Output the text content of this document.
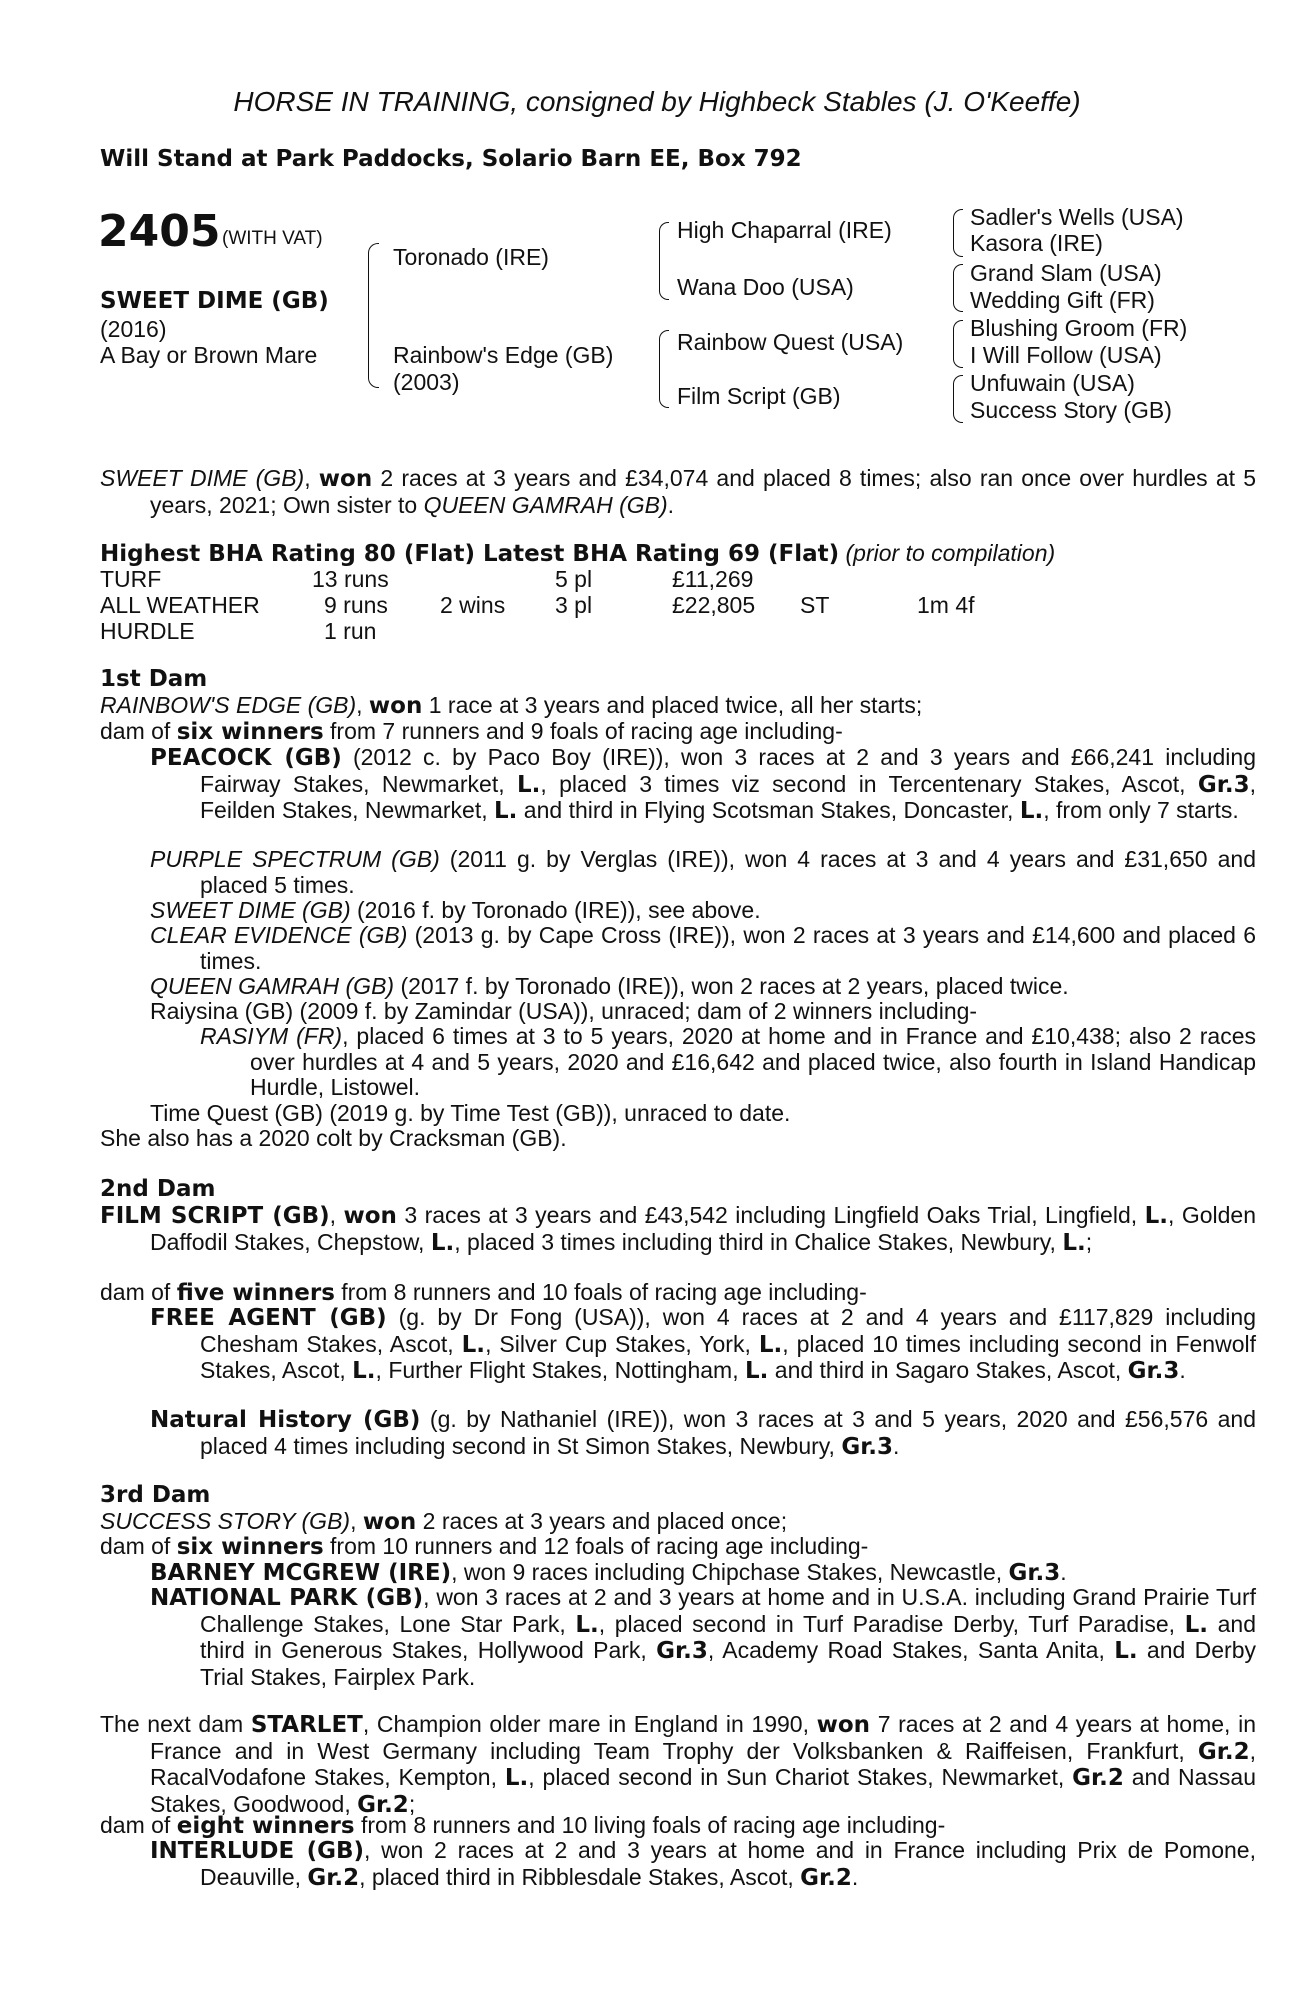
HORSE IN TRAINING, consigned by Highbeck Stables (J. O'Keeffe)
Will Stand at Park Paddocks, Solario Barn EE, Box 792
2405 (WITH VAT)
SWEET DIME (GB)
(2016)
A Bay or Brown Mare
Toronado (IRE)
Rainbow's Edge (GB)
(2003)
High Chaparral (IRE)
Wana Doo (USA)
Rainbow Quest (USA)
Film Script (GB)
Sadler's Wells (USA)
Kasora (IRE)
Grand Slam (USA)
Wedding Gift (FR)
Blushing Groom (FR)
I Will Follow (USA)
Unfuwain (USA)
Success Story (GB)
SWEET DIME (GB), won 2 races at 3 years and £34,074 and placed 8 times; also ran once over hurdles at 5 years, 2021; Own sister to QUEEN GAMRAH (GB).
Highest BHA Rating 80 (Flat) Latest BHA Rating 69 (Flat) (prior to compilation)
TURF	13 runs	5 pl	£11,269
ALL WEATHER	9 runs 2 wins 3 pl	£22,805 ST	1m 4f
HURDLE	1 run
1st Dam
RAINBOW'S EDGE (GB), won 1 race at 3 years and placed twice, all her starts;
dam of six winners from 7 runners and 9 foals of racing age including-
PEACOCK (GB) (2012 c. by Paco Boy (IRE)), won 3 races at 2 and 3 years and £66,241 including Fairway Stakes, Newmarket, L., placed 3 times viz second in Tercentenary Stakes, Ascot, Gr.3, Feilden Stakes, Newmarket, L. and third in Flying Scotsman Stakes, Doncaster, L., from only 7 starts.
PURPLE SPECTRUM (GB) (2011 g. by Verglas (IRE)), won 4 races at 3 and 4 years and £31,650 and placed 5 times.
SWEET DIME (GB) (2016 f. by Toronado (IRE)), see above.
CLEAR EVIDENCE (GB) (2013 g. by Cape Cross (IRE)), won 2 races at 3 years and £14,600 and placed 6 times.
QUEEN GAMRAH (GB) (2017 f. by Toronado (IRE)), won 2 races at 2 years, placed twice.
Raiysina (GB) (2009 f. by Zamindar (USA)), unraced; dam of 2 winners including-
RASIYM (FR), placed 6 times at 3 to 5 years, 2020 at home and in France and £10,438; also 2 races over hurdles at 4 and 5 years, 2020 and £16,642 and placed twice, also fourth in Island Handicap Hurdle, Listowel.
Time Quest (GB) (2019 g. by Time Test (GB)), unraced to date.
She also has a 2020 colt by Cracksman (GB).
2nd Dam
FILM SCRIPT (GB), won 3 races at 3 years and £43,542 including Lingfield Oaks Trial, Lingfield, L., Golden Daffodil Stakes, Chepstow, L., placed 3 times including third in Chalice Stakes, Newbury, L.;
dam of five winners from 8 runners and 10 foals of racing age including-
FREE AGENT (GB) (g. by Dr Fong (USA)), won 4 races at 2 and 4 years and £117,829 including Chesham Stakes, Ascot, L., Silver Cup Stakes, York, L., placed 10 times including second in Fenwolf Stakes, Ascot, L., Further Flight Stakes, Nottingham, L. and third in Sagaro Stakes, Ascot, Gr.3.
Natural History (GB) (g. by Nathaniel (IRE)), won 3 races at 3 and 5 years, 2020 and £56,576 and placed 4 times including second in St Simon Stakes, Newbury, Gr.3.
3rd Dam
SUCCESS STORY (GB), won 2 races at 3 years and placed once;
dam of six winners from 10 runners and 12 foals of racing age including-
BARNEY MCGREW (IRE), won 9 races including Chipchase Stakes, Newcastle, Gr.3.
NATIONAL PARK (GB), won 3 races at 2 and 3 years at home and in U.S.A. including Grand Prairie Turf Challenge Stakes, Lone Star Park, L., placed second in Turf Paradise Derby, Turf Paradise, L. and third in Generous Stakes, Hollywood Park, Gr.3, Academy Road Stakes, Santa Anita, L. and Derby Trial Stakes, Fairplex Park.
The next dam STARLET, Champion older mare in England in 1990, won 7 races at 2 and 4 years at home, in France and in West Germany including Team Trophy der Volksbanken & Raiffeisen, Frankfurt, Gr.2, RacalVodafone Stakes, Kempton, L., placed second in Sun Chariot Stakes, Newmarket, Gr.2 and Nassau Stakes, Goodwood, Gr.2;
dam of eight winners from 8 runners and 10 living foals of racing age including-
INTERLUDE (GB), won 2 races at 2 and 3 years at home and in France including Prix de Pomone, Deauville, Gr.2, placed third in Ribblesdale Stakes, Ascot, Gr.2.
